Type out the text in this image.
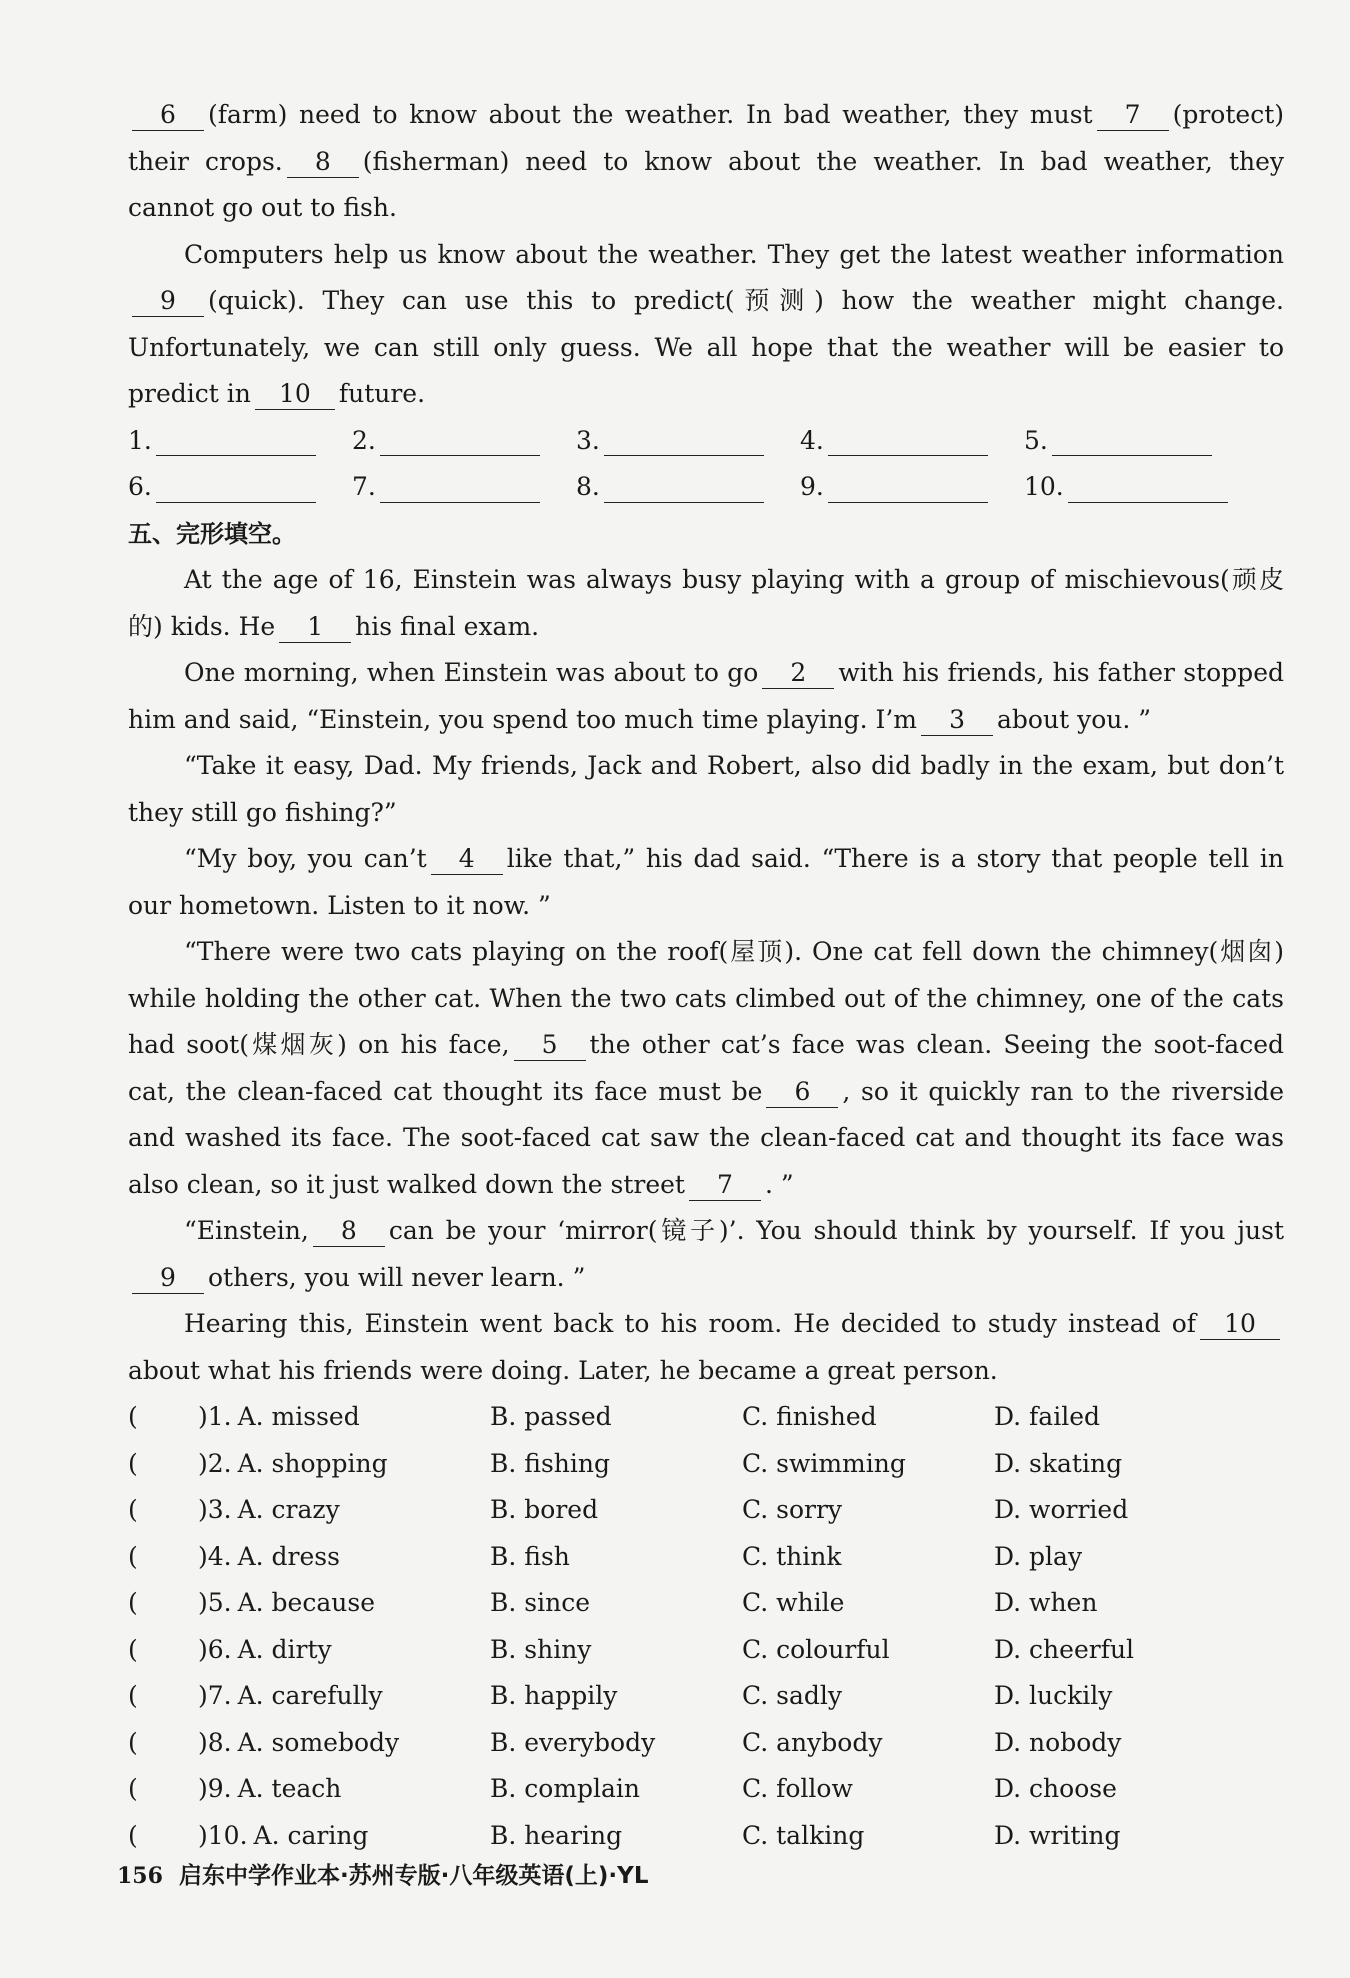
6 (farm) need to know about the weather. In bad weather, they must 7 (protect) their crops. 8 (fisherman) need to know about the weather. In bad weather, they cannot go out to fish.

Computers help us know about the weather. They get the latest weather information9 (quick). They can use this to predict(预测) how the weather might change. Unfortunately, we can still only guess. We all hope that the weather will be easier to predict in 10 future.

1.	2.	3.	4.	5.
6.	7.	8.	9.	10.

五、完形填空。

At the age of 16, Einstein was always busy playing with a group of mischievous(顽皮的) kids. He 1 his final exam.

One morning, when Einstein was about to go 2 with his friends, his father stopped him and said, “Einstein, you spend too much time playing. I’m 3 about you. ”

“Take it easy, Dad. My friends, Jack and Robert, also did badly in the exam, but don’t they still go fishing?”

“My boy, you can’t 4 like that,” his dad said. “There is a story that people tell in our hometown. Listen to it now. ”

“There were two cats playing on the roof(屋顶). One cat fell down the chimney(烟囱) while holding the other cat. When the two cats climbed out of the chimney, one of the cats had soot(煤烟灰) on his face, 5 the other cat’s face was clean. Seeing the soot-faced cat, the clean-faced cat thought its face must be 6 , so it quickly ran to the riverside and washed its face. The soot-faced cat saw the clean-faced cat and thought its face was also clean, so it just walked down the street 7 . ”

“Einstein, 8 can be your ‘mirror(镜子)’. You should think by yourself. If you just9 others, you will never learn. ”

Hearing this, Einstein went back to his room. He decided to study instead of 10about what his friends were doing. Later, he became a great person.

(	)1. A. missed	B. passed	C. finished	D. failed
(	)2. A. shopping	B. fishing	C. swimming	D. skating
(	)3. A. crazy	B. bored	C. sorry	D. worried
(	)4. A. dress	B. fish	C. think	D. play
(	)5. A. because	B. since	C. while	D. when
(	)6. A. dirty	B. shiny	C. colourful	D. cheerful
(	)7. A. carefully	B. happily	C. sadly	D. luckily
(	)8. A. somebody	B. everybody	C. anybody	D. nobody
(	)9. A. teach	B. complain	C. follow	D. choose
(	)10. A. caring	B. hearing	C. talking	D. writing
156 启东中学作业本·苏州专版·八年级英语(上)·YL
